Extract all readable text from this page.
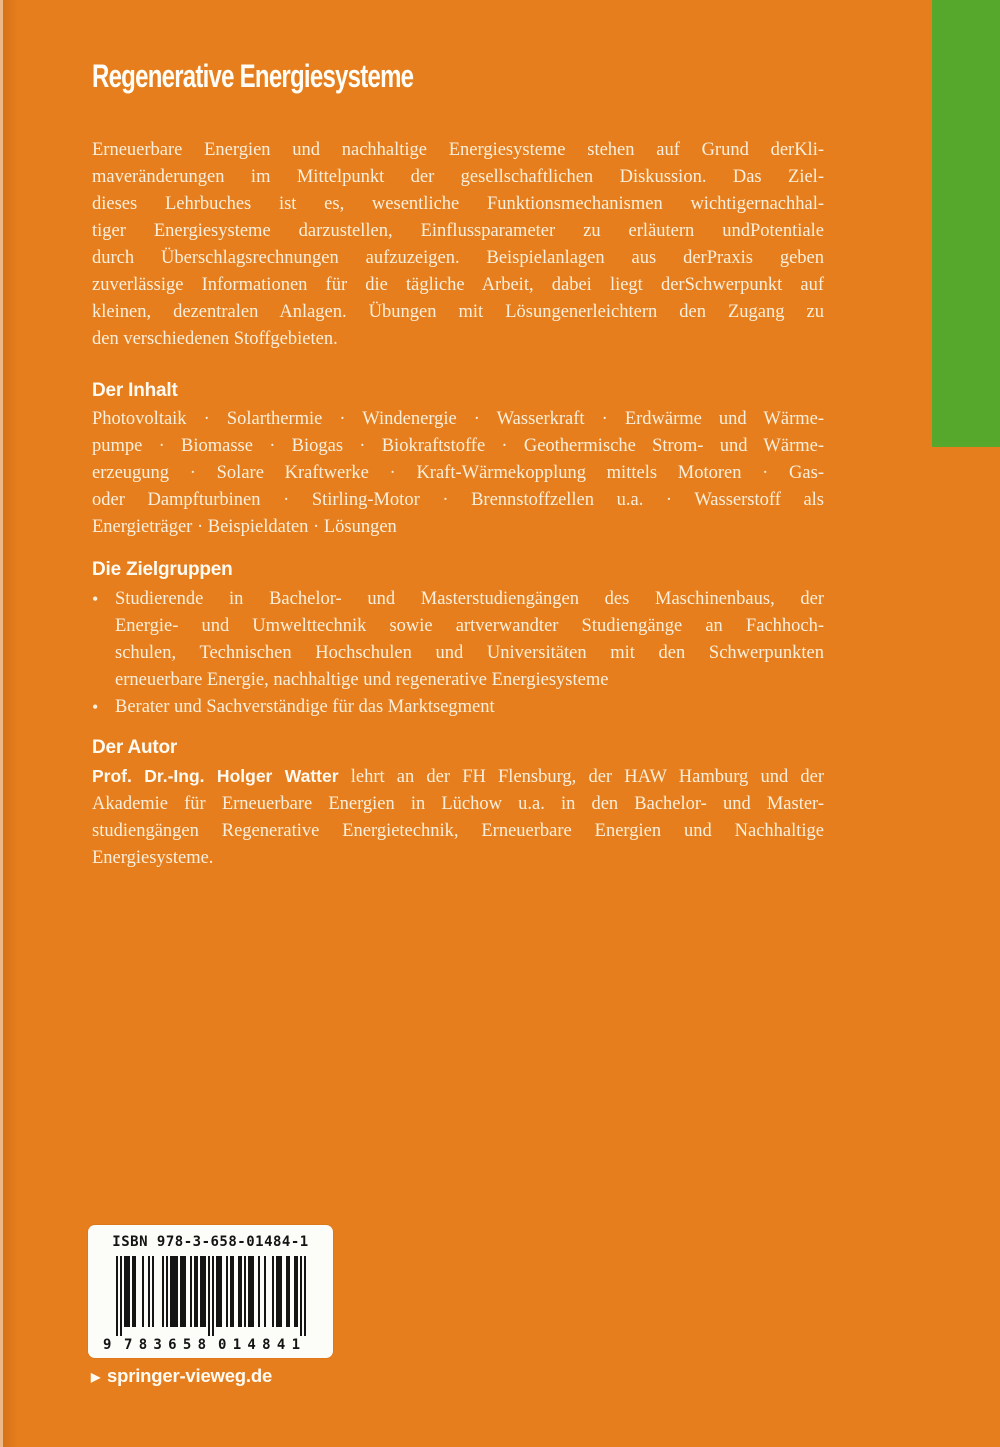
Regenerative Energiesysteme
Erneuerbare Energien und nachhaltige Energiesysteme stehen auf Grund derKli-
maveränderungen im Mittelpunkt der gesellschaftlichen Diskussion. Das Ziel-
dieses Lehrbuches ist es, wesentliche Funktionsmechanismen wichtigernachhal-
tiger Energiesysteme darzustellen, Einflussparameter zu erläutern undPotentiale
durch Überschlagsrechnungen aufzuzeigen. Beispielanlagen aus derPraxis geben
zuverlässige Informationen für die tägliche Arbeit, dabei liegt derSchwerpunkt auf
kleinen, dezentralen Anlagen. Übungen mit Lösungenerleichtern den Zugang zu
den verschiedenen Stoffgebieten.
Der Inhalt
Photovoltaik · Solarthermie · Windenergie · Wasserkraft · Erdwärme und Wärme-
pumpe · Biomasse · Biogas · Biokraftstoffe · Geothermische Strom- und Wärme-
erzeugung · Solare Kraftwerke · Kraft-Wärmekopplung mittels Motoren · Gas-
oder Dampfturbinen · Stirling-Motor · Brennstoffzellen u.a. · Wasserstoff als
Energieträger · Beispieldaten · Lösungen
Die Zielgruppen
• Studierende in Bachelor- und Masterstudiengängen des Maschinenbaus, der
Energie- und Umwelttechnik sowie artverwandter Studiengänge an Fachhoch-
schulen, Technischen Hochschulen und Universitäten mit den Schwerpunkten
erneuerbare Energie, nachhaltige und regenerative Energiesysteme
• Berater und Sachverständige für das Marktsegment
Der Autor
Prof. Dr.-Ing. Holger Watter lehrt an der FH Flensburg, der HAW Hamburg und der
Akademie für Erneuerbare Energien in Lüchow u.a. in den Bachelor- und Master-
studiengängen Regenerative Energietechnik, Erneuerbare Energien und Nachhaltige
Energiesysteme.
ISBN 978-3-658-01484-1
9 783658 014841
▶ springer-vieweg.de
